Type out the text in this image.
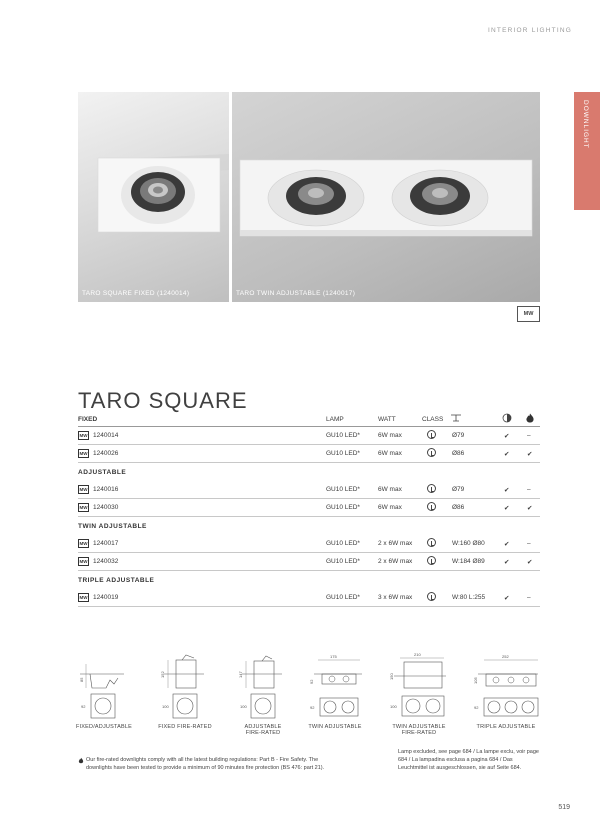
INTERIOR LIGHTING
DOWNLIGHT
TARO SQUARE FIXED (1240014)	TARO TWIN ADJUSTABLE (1240017)
MW
TARO SQUARE
FIXED	LAMP	WATT	CLASS
MW 1240014	GU10 LED*	6W max	Ø79	✔	–
MW 1240026	GU10 LED*	6W max	Ø86	✔	✔
ADJUSTABLE
MW 1240016	GU10 LED*	6W max	Ø79	✔	–
MW 1240030	GU10 LED*	6W max	Ø86	✔	✔
TWIN ADJUSTABLE
MW 1240017	GU10 LED*	2 x 6W max	W:160 Ø80	✔	–
MW 1240032	GU10 LED*	2 x 6W max	W:184 Ø89	✔	✔
TRIPLE ADJUSTABLE
MW 1240019	GU10 LED*	3 x 6W max	W:80 L:255	✔	–
85
92
152
100
147
100
175
92
92
210
150
100
252
105
92
FIXED/ADJUSTABLE	FIXED FIRE-RATED	ADJUSTABLE FIRE-RATED
TWIN ADJUSTABLE	TWIN ADJUSTABLE FIRE-RATED
TRIPLE ADJUSTABLE
Our fire-rated downlights comply with all the latest building regulations: Part B - Fire Safety. The downlights have been tested to provide a minimum of 90 minutes fire protection (BS 476: part 21).
Lamp excluded, see page 684 / La lampe exclu, voir page 684 / La lampadina esclusa a pagina 684 / Das Leuchtmittel ist ausgeschlossen, sie auf Seite 684.
519
